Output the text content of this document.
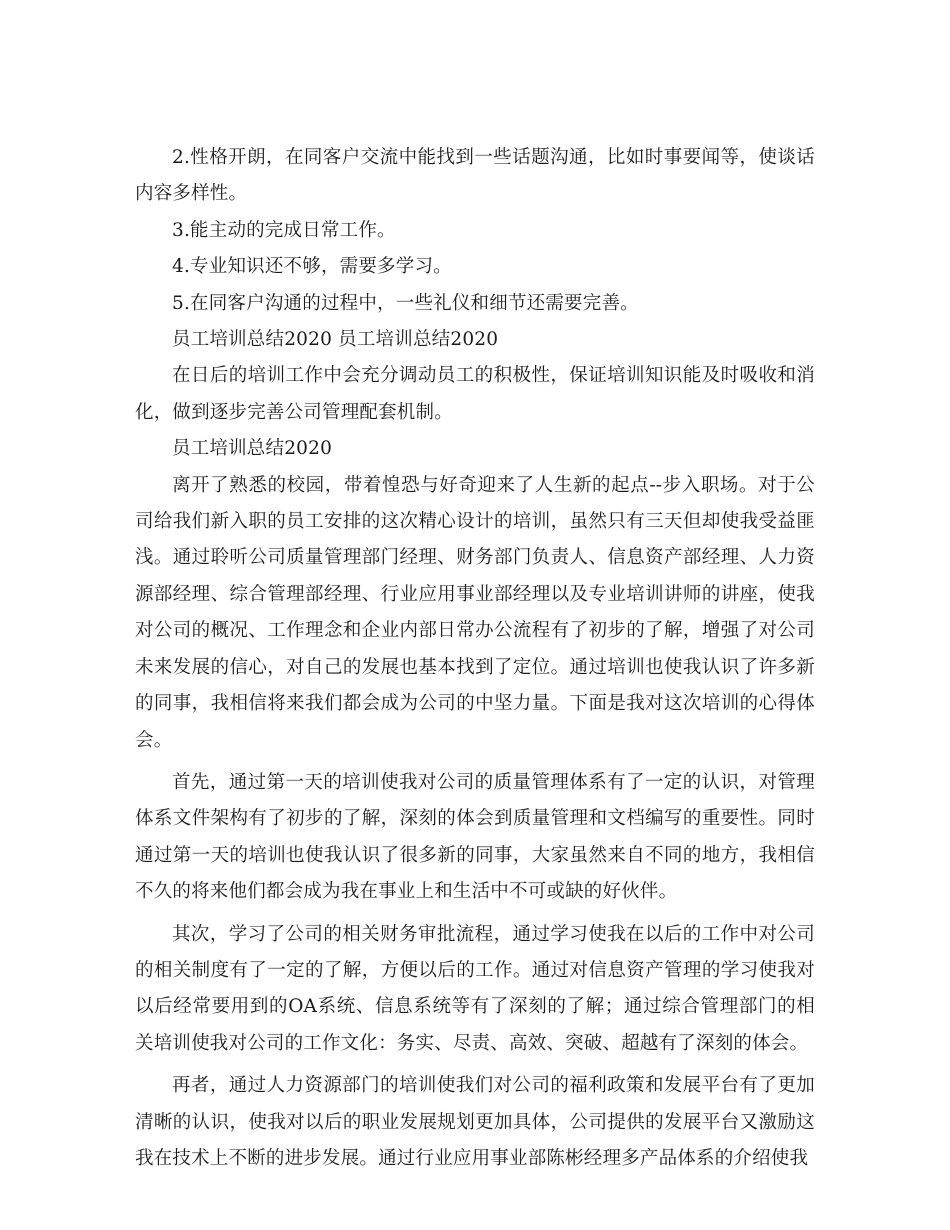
2.性格开朗，在同客户交流中能找到一些话题沟通，比如时事要闻等，使谈话内容多样性。

3.能主动的完成日常工作。

4.专业知识还不够，需要多学习。

5.在同客户沟通的过程中，一些礼仪和细节还需要完善。

员工培训总结2020 员工培训总结2020

在日后的培训工作中会充分调动员工的积极性，保证培训知识能及时吸收和消化，做到逐步完善公司管理配套机制。

员工培训总结2020

离开了熟悉的校园，带着惶恐与好奇迎来了人生新的起点--步入职场。对于公司给我们新入职的员工安排的这次精心设计的培训，虽然只有三天但却使我受益匪浅。通过聆听公司质量管理部门经理、财务部门负责人、信息资产部经理、人力资源部经理、综合管理部经理、行业应用事业部经理以及专业培训讲师的讲座，使我对公司的概况、工作理念和企业内部日常办公流程有了初步的了解，增强了对公司未来发展的信心，对自己的发展也基本找到了定位。通过培训也使我认识了许多新的同事，我相信将来我们都会成为公司的中坚力量。下面是我对这次培训的心得体会。

首先，通过第一天的培训使我对公司的质量管理体系有了一定的认识，对管理体系文件架构有了初步的了解，深刻的体会到质量管理和文档编写的重要性。同时通过第一天的培训也使我认识了很多新的同事，大家虽然来自不同的地方，我相信不久的将来他们都会成为我在事业上和生活中不可或缺的好伙伴。

其次，学习了公司的相关财务审批流程，通过学习使我在以后的工作中对公司的相关制度有了一定的了解，方便以后的工作。通过对信息资产管理的学习使我对以后经常要用到的OA系统、信息系统等有了深刻的了解；通过综合管理部门的相关培训使我对公司的工作文化：务实、尽责、高效、突破、超越有了深刻的体会。

再者，通过人力资源部门的培训使我们对公司的福利政策和发展平台有了更加清晰的认识，使我对以后的职业发展规划更加具体，公司提供的发展平台又激励这我在技术上不断的进步发展。通过行业应用事业部陈彬经理多产品体系的介绍使我
